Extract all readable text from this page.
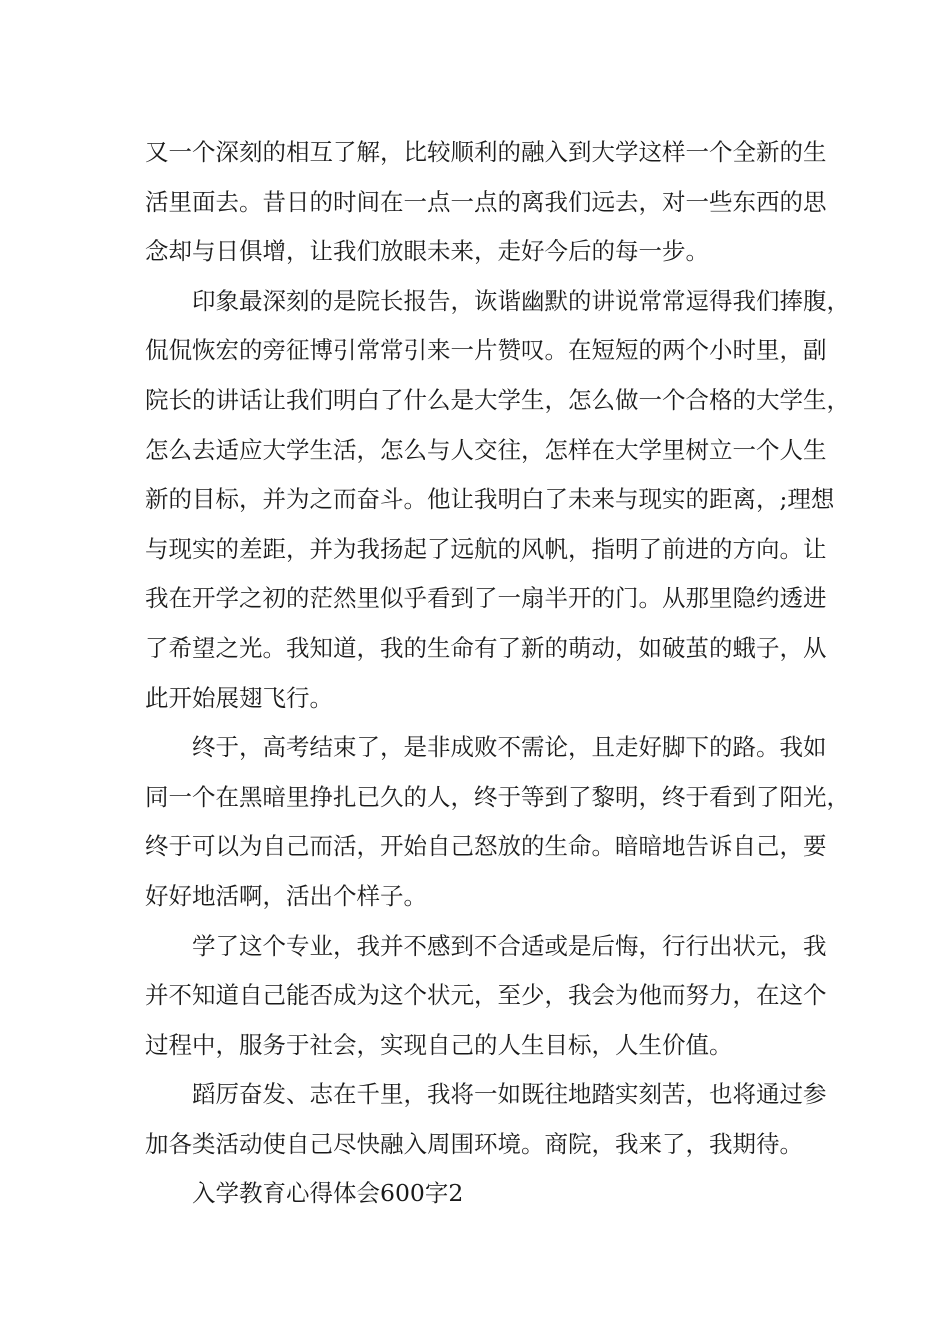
又一个深刻的相互了解，比较顺利的融入到大学这样一个全新的生
活里面去。昔日的时间在一点一点的离我们远去，对一些东西的思
念却与日俱增，让我们放眼未来，走好今后的每一步。

印象最深刻的是院长报告，诙谐幽默的讲说常常逗得我们捧腹，
侃侃恢宏的旁征博引常常引来一片赞叹。在短短的两个小时里，副
院长的讲话让我们明白了什么是大学生，怎么做一个合格的大学生，
怎么去适应大学生活，怎么与人交往，怎样在大学里树立一个人生
新的目标，并为之而奋斗。他让我明白了未来与现实的距离，;理想
与现实的差距，并为我扬起了远航的风帆，指明了前进的方向。让
我在开学之初的茫然里似乎看到了一扇半开的门。从那里隐约透进
了希望之光。我知道，我的生命有了新的萌动，如破茧的蛾子，从
此开始展翅飞行。

终于，高考结束了，是非成败不需论，且走好脚下的路。我如
同一个在黑暗里挣扎已久的人，终于等到了黎明，终于看到了阳光，
终于可以为自己而活，开始自己怒放的生命。暗暗地告诉自己，要
好好地活啊，活出个样子。

学了这个专业，我并不感到不合适或是后悔，行行出状元，我
并不知道自己能否成为这个状元，至少，我会为他而努力，在这个
过程中，服务于社会，实现自己的人生目标，人生价值。

蹈厉奋发、志在千里，我将一如既往地踏实刻苦，也将通过参
加各类活动使自己尽快融入周围环境。商院，我来了，我期待。

入学教育心得体会600字2
